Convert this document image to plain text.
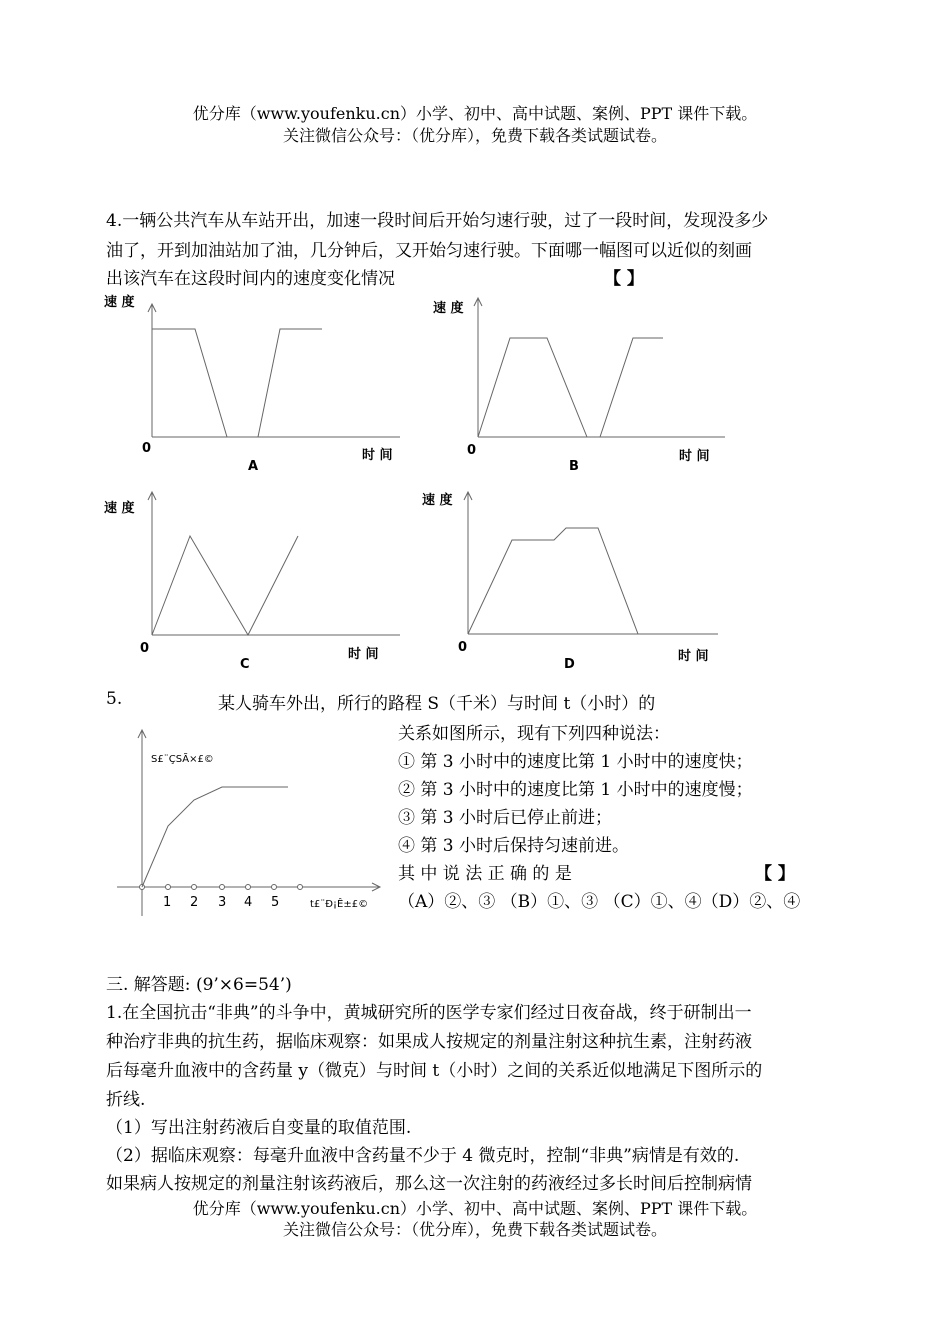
优分库（www.youfenku.cn）小学、初中、高中试题、案例、PPT 课件下载。
关注微信公众号：（优分库），免费下载各类试题试卷。
4.一辆公共汽车从车站开出，加速一段时间后开始匀速行驶，过了一段时间，发现没多少
油了，开到加油站加了油，几分钟后，又开始匀速行驶。下面哪一幅图可以近似的刻画
出该汽车在这段时间内的速度变化情况	【 】
速 度
0	时 间
A
速 度
0	时 间
B
速 度
0	时 间
C
速 度
0
时 间
D
5.	某人骑车外出，所行的路程 S（千米）与时间 t（小时）的
S£¨ÇSÃ×£©
t£¨Ð¡Ê±£©
1 2 3 4 5
关系如图所示，现有下列四种说法：
① 第 3 小时中的速度比第 1 小时中的速度快；
② 第 3 小时中的速度比第 1 小时中的速度慢；
③ 第 3 小时后已停止前进；
④ 第 3 小时后保持匀速前进。
其 中 说 法 正 确 的 是	【 】
（A）②、③ （B）①、③ （C）①、④（D）②、④
三. 解答题: (9’×6=54’)
1.在全国抗击“非典”的斗争中，黄城研究所的医学专家们经过日夜奋战，终于研制出一
种治疗非典的抗生药，据临床观察：如果成人按规定的剂量注射这种抗生素，注射药液
后每毫升血液中的含药量 y（微克）与时间 t（小时）之间的关系近似地满足下图所示的
折线.
（1）写出注射药液后自变量的取值范围.
（2）据临床观察：每毫升血液中含药量不少于 4 微克时，控制“非典”病情是有效的.
如果病人按规定的剂量注射该药液后，那么这一次注射的药液经过多长时间后控制病情
优分库（www.youfenku.cn）小学、初中、高中试题、案例、PPT 课件下载。
关注微信公众号：（优分库），免费下载各类试题试卷。
